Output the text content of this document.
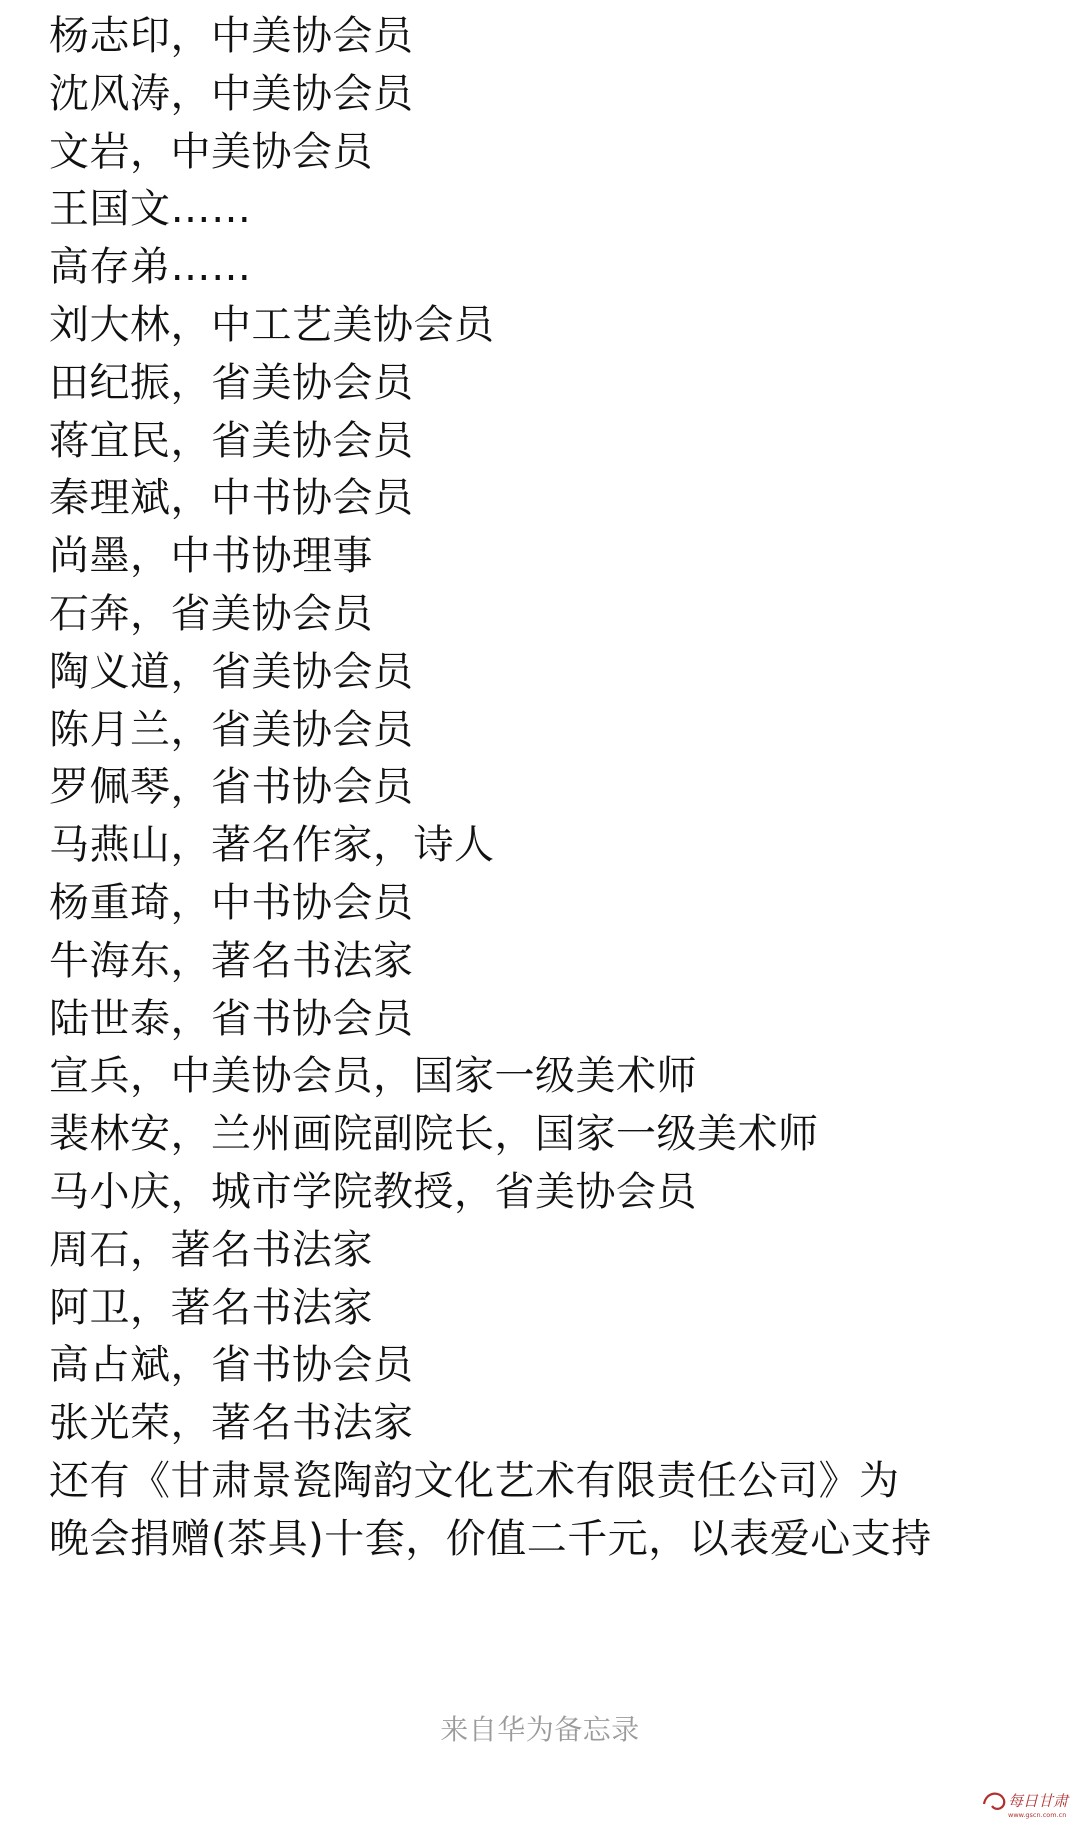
杨志印，中美协会员
沈风涛，中美协会员
文岩，中美协会员
王国文……
高存弟……
刘大林，中工艺美协会员
田纪振，省美协会员
蒋宜民，省美协会员
秦理斌，中书协会员
尚墨，中书协理事
石奔，省美协会员
陶义道，省美协会员
陈月兰，省美协会员
罗佩琴，省书协会员
马燕山，著名作家，诗人
杨重琦，中书协会员
牛海东，著名书法家
陆世泰，省书协会员
宣兵，中美协会员，国家一级美术师
裴林安，兰州画院副院长，国家一级美术师
马小庆，城市学院教授，省美协会员
周石，著名书法家
阿卫，著名书法家
高占斌，省书协会员
张光荣，著名书法家
还有《甘肃景瓷陶韵文化艺术有限责任公司》为
晚会捐赠(茶具)十套，价值二千元，以表爱心支持
来自华为备忘录
每日甘肃
www.gscn.com.cn
